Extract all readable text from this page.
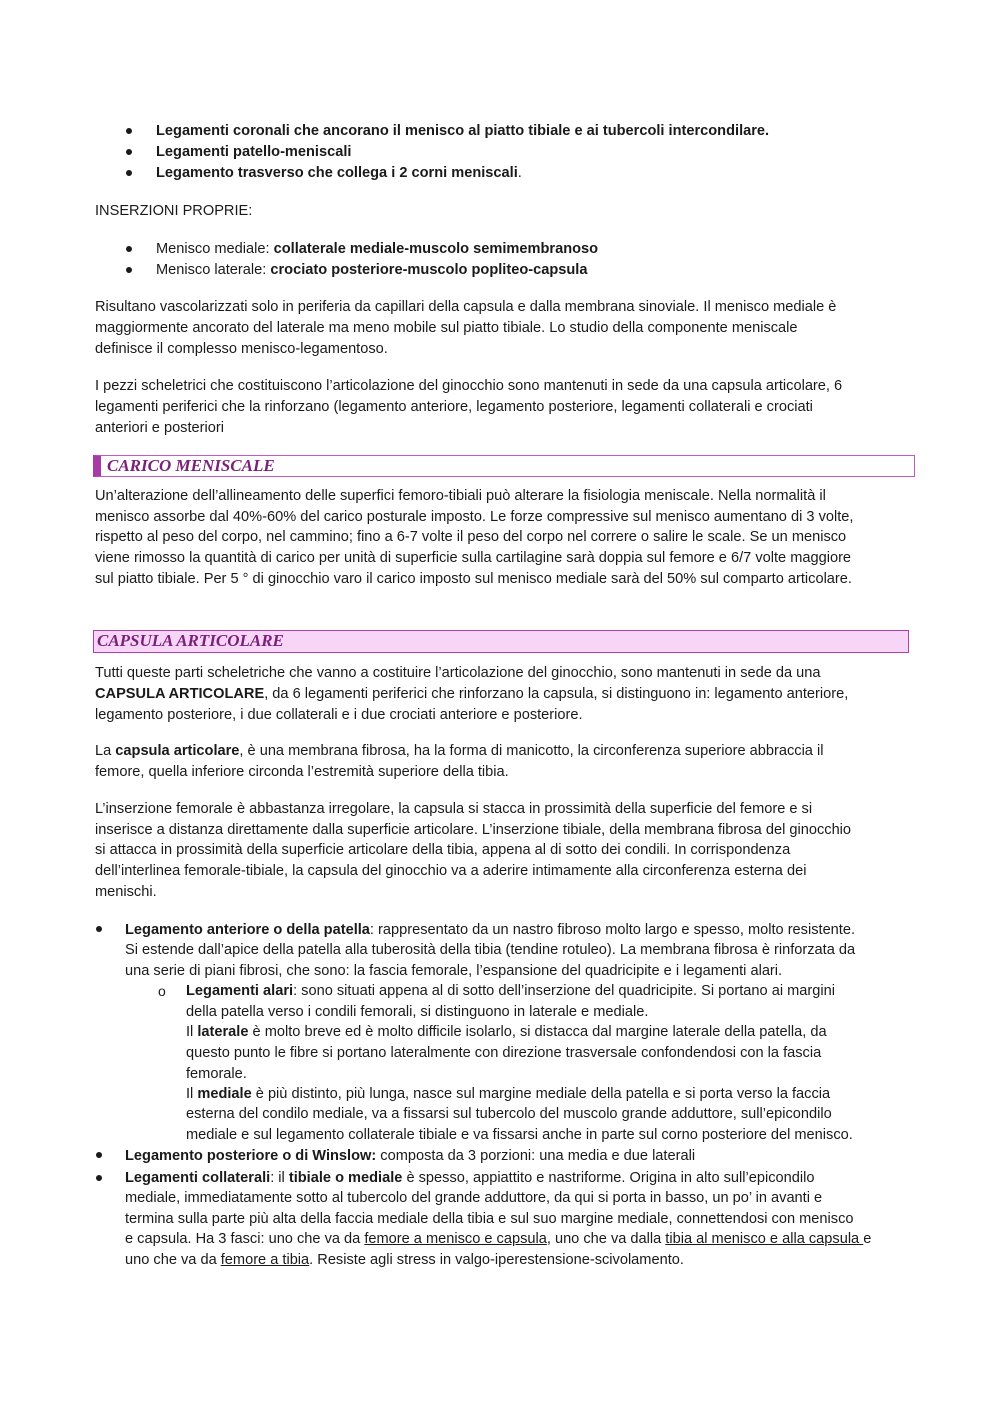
Legamenti coronali che ancorano il menisco al piatto tibiale e ai tubercoli intercondilare.
Legamenti patello-meniscali
Legamento trasverso che collega i 2 corni meniscali.
INSERZIONI PROPRIE:
Menisco mediale: collaterale mediale-muscolo semimembranoso
Menisco laterale: crociato posteriore-muscolo popliteo-capsula
Risultano vascolarizzati solo in periferia da capillari della capsula e dalla membrana sinoviale. Il menisco mediale è
maggiormente ancorato del laterale ma meno mobile sul piatto tibiale. Lo studio della componente meniscale
definisce il complesso menisco-legamentoso.
I pezzi scheletrici che costituiscono l’articolazione del ginocchio sono mantenuti in sede da una capsula articolare, 6
legamenti periferici che la rinforzano (legamento anteriore, legamento posteriore, legamenti collaterali e crociati
anteriori e posteriori
CARICO MENISCALE
Un’alterazione dell’allineamento delle superfici femoro-tibiali può alterare la fisiologia meniscale. Nella normalità il
menisco assorbe dal 40%-60% del carico posturale imposto. Le forze compressive sul menisco aumentano di 3 volte,
rispetto al peso del corpo, nel cammino; fino a 6-7 volte il peso del corpo nel correre o salire le scale. Se un menisco
viene rimosso la quantità di carico per unità di superficie sulla cartilagine sarà doppia sul femore e 6/7 volte maggiore
sul piatto tibiale. Per 5 ° di ginocchio varo il carico imposto sul menisco mediale sarà del 50% sul comparto articolare.
CAPSULA ARTICOLARE
Tutti queste parti scheletriche che vanno a costituire l’articolazione del ginocchio, sono mantenuti in sede da una
CAPSULA ARTICOLARE, da 6 legamenti periferici che rinforzano la capsula, si distinguono in: legamento anteriore,
legamento posteriore, i due collaterali e i due crociati anteriore e posteriore.
La capsula articolare, è una membrana fibrosa, ha la forma di manicotto, la circonferenza superiore abbraccia il
femore, quella inferiore circonda l’estremità superiore della tibia.
L’inserzione femorale è abbastanza irregolare, la capsula si stacca in prossimità della superficie del femore e si
inserisce a distanza direttamente dalla superficie articolare. L’inserzione tibiale, della membrana fibrosa del ginocchio
si attacca in prossimità della superficie articolare della tibia, appena al di sotto dei condili. In corrispondenza
dell’interlinea femorale-tibiale, la capsula del ginocchio va a aderire intimamente alla circonferenza esterna dei
menischi.
Legamento anteriore o della patella: rappresentato da un nastro fibroso molto largo e spesso, molto resistente.
Si estende dall’apice della patella alla tuberosità della tibia (tendine rotuleo). La membrana fibrosa è rinforzata da
una serie di piani fibrosi, che sono: la fascia femorale, l’espansione del quadricipite e i legamenti alari.
o Legamenti alari: sono situati appena al di sotto dell’inserzione del quadricipite. Si portano ai margini
della patella verso i condili femorali, si distinguono in laterale e mediale.
Il laterale è molto breve ed è molto difficile isolarlo, si distacca dal margine laterale della patella, da
questo punto le fibre si portano lateralmente con direzione trasversale confondendosi con la fascia
femorale.
Il mediale è più distinto, più lunga, nasce sul margine mediale della patella e si porta verso la faccia
esterna del condilo mediale, va a fissarsi sul tubercolo del muscolo grande adduttore, sull’epicondilo
mediale e sul legamento collaterale tibiale e va fissarsi anche in parte sul corno posteriore del menisco.
Legamento posteriore o di Winslow: composta da 3 porzioni: una media e due laterali
Legamenti collaterali: il tibiale o mediale è spesso, appiattito e nastriforme. Origina in alto sull’epicondilo
mediale, immediatamente sotto al tubercolo del grande adduttore, da qui si porta in basso, un po’ in avanti e
termina sulla parte più alta della faccia mediale della tibia e sul suo margine mediale, connettendosi con menisco
e capsula. Ha 3 fasci: uno che va da femore a menisco e capsula, uno che va dalla tibia al menisco e alla capsula e
uno che va da femore a tibia. Resiste agli stress in valgo-iperestensione-scivolamento.
